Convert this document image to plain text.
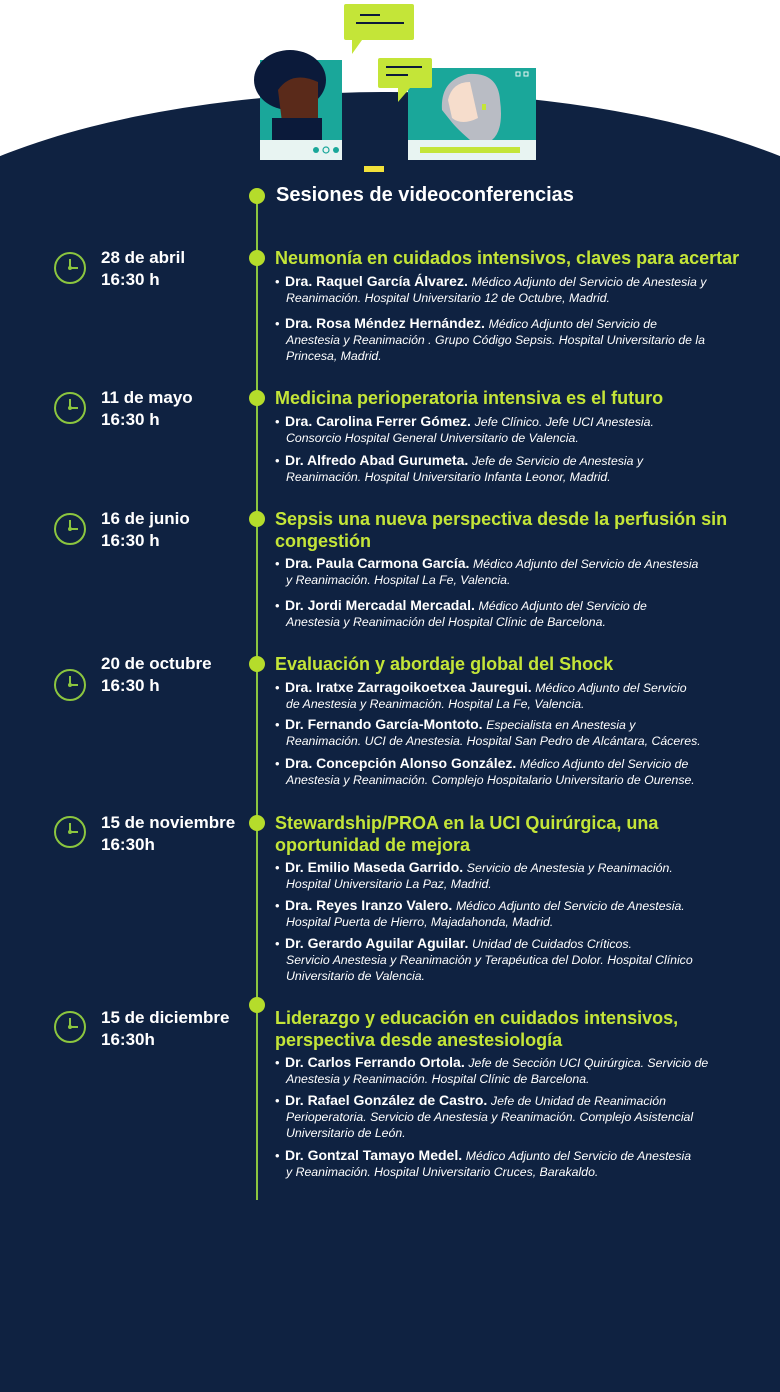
Sesiones de videoconferencias
28 de abril
16:30 h
Neumonía en cuidados intensivos, claves para acertar
• Dra. Raquel García Álvarez. Médico Adjunto del Servicio de Anestesia y
Reanimación. Hospital Universitario 12 de Octubre, Madrid.
• Dra. Rosa Méndez Hernández. Médico Adjunto del Servicio de
Anestesia y Reanimación . Grupo Código Sepsis. Hospital Universitario de la
Princesa, Madrid.
11 de mayo
16:30 h
Medicina perioperatoria intensiva es el futuro
• Dra. Carolina Ferrer Gómez. Jefe Clínico. Jefe UCI Anestesia.
Consorcio Hospital General Universitario de Valencia.
• Dr. Alfredo Abad Gurumeta. Jefe de Servicio de Anestesia y
Reanimación. Hospital Universitario Infanta Leonor, Madrid.
16 de junio
16:30 h
Sepsis una nueva perspectiva desde la perfusión sin congestión
• Dra. Paula Carmona García. Médico Adjunto del Servicio de Anestesia
y Reanimación. Hospital La Fe, Valencia.
• Dr. Jordi Mercadal Mercadal. Médico Adjunto del Servicio de
Anestesia y Reanimación del Hospital Clínic de Barcelona.
20 de octubre
16:30 h
Evaluación y abordaje global del Shock
• Dra. Iratxe Zarragoikoetxea Jauregui. Médico Adjunto del Servicio
de Anestesia y Reanimación. Hospital La Fe, Valencia.
• Dr. Fernando García-Montoto. Especialista en Anestesia y
Reanimación. UCI de Anestesia. Hospital San Pedro de Alcántara, Cáceres.
• Dra. Concepción Alonso González. Médico Adjunto del Servicio de
Anestesia y Reanimación. Complejo Hospitalario Universitario de Ourense.
15 de noviembre
16:30h
Stewardship/PROA en la UCI Quirúrgica, una oportunidad de mejora
• Dr. Emilio Maseda Garrido. Servicio de Anestesia y Reanimación.
Hospital Universitario La Paz, Madrid.
• Dra. Reyes Iranzo Valero. Médico Adjunto del Servicio de Anestesia.
Hospital Puerta de Hierro, Majadahonda, Madrid.
• Dr. Gerardo Aguilar Aguilar. Unidad de Cuidados Críticos.
Servicio Anestesia y Reanimación y Terapéutica del Dolor. Hospital Clínico
Universitario de Valencia.
15 de diciembre
16:30h
Liderazgo y educación en cuidados intensivos, perspectiva desde anestesiología
• Dr. Carlos Ferrando Ortola. Jefe de Sección UCI Quirúrgica. Servicio de
Anestesia y Reanimación. Hospital Clínic de Barcelona.
• Dr. Rafael González de Castro. Jefe de Unidad de Reanimación
Perioperatoria. Servicio de Anestesia y Reanimación. Complejo Asistencial
Universitario de León.
• Dr. Gontzal Tamayo Medel. Médico Adjunto del Servicio de Anestesia
y Reanimación. Hospital Universitario Cruces, Barakaldo.
